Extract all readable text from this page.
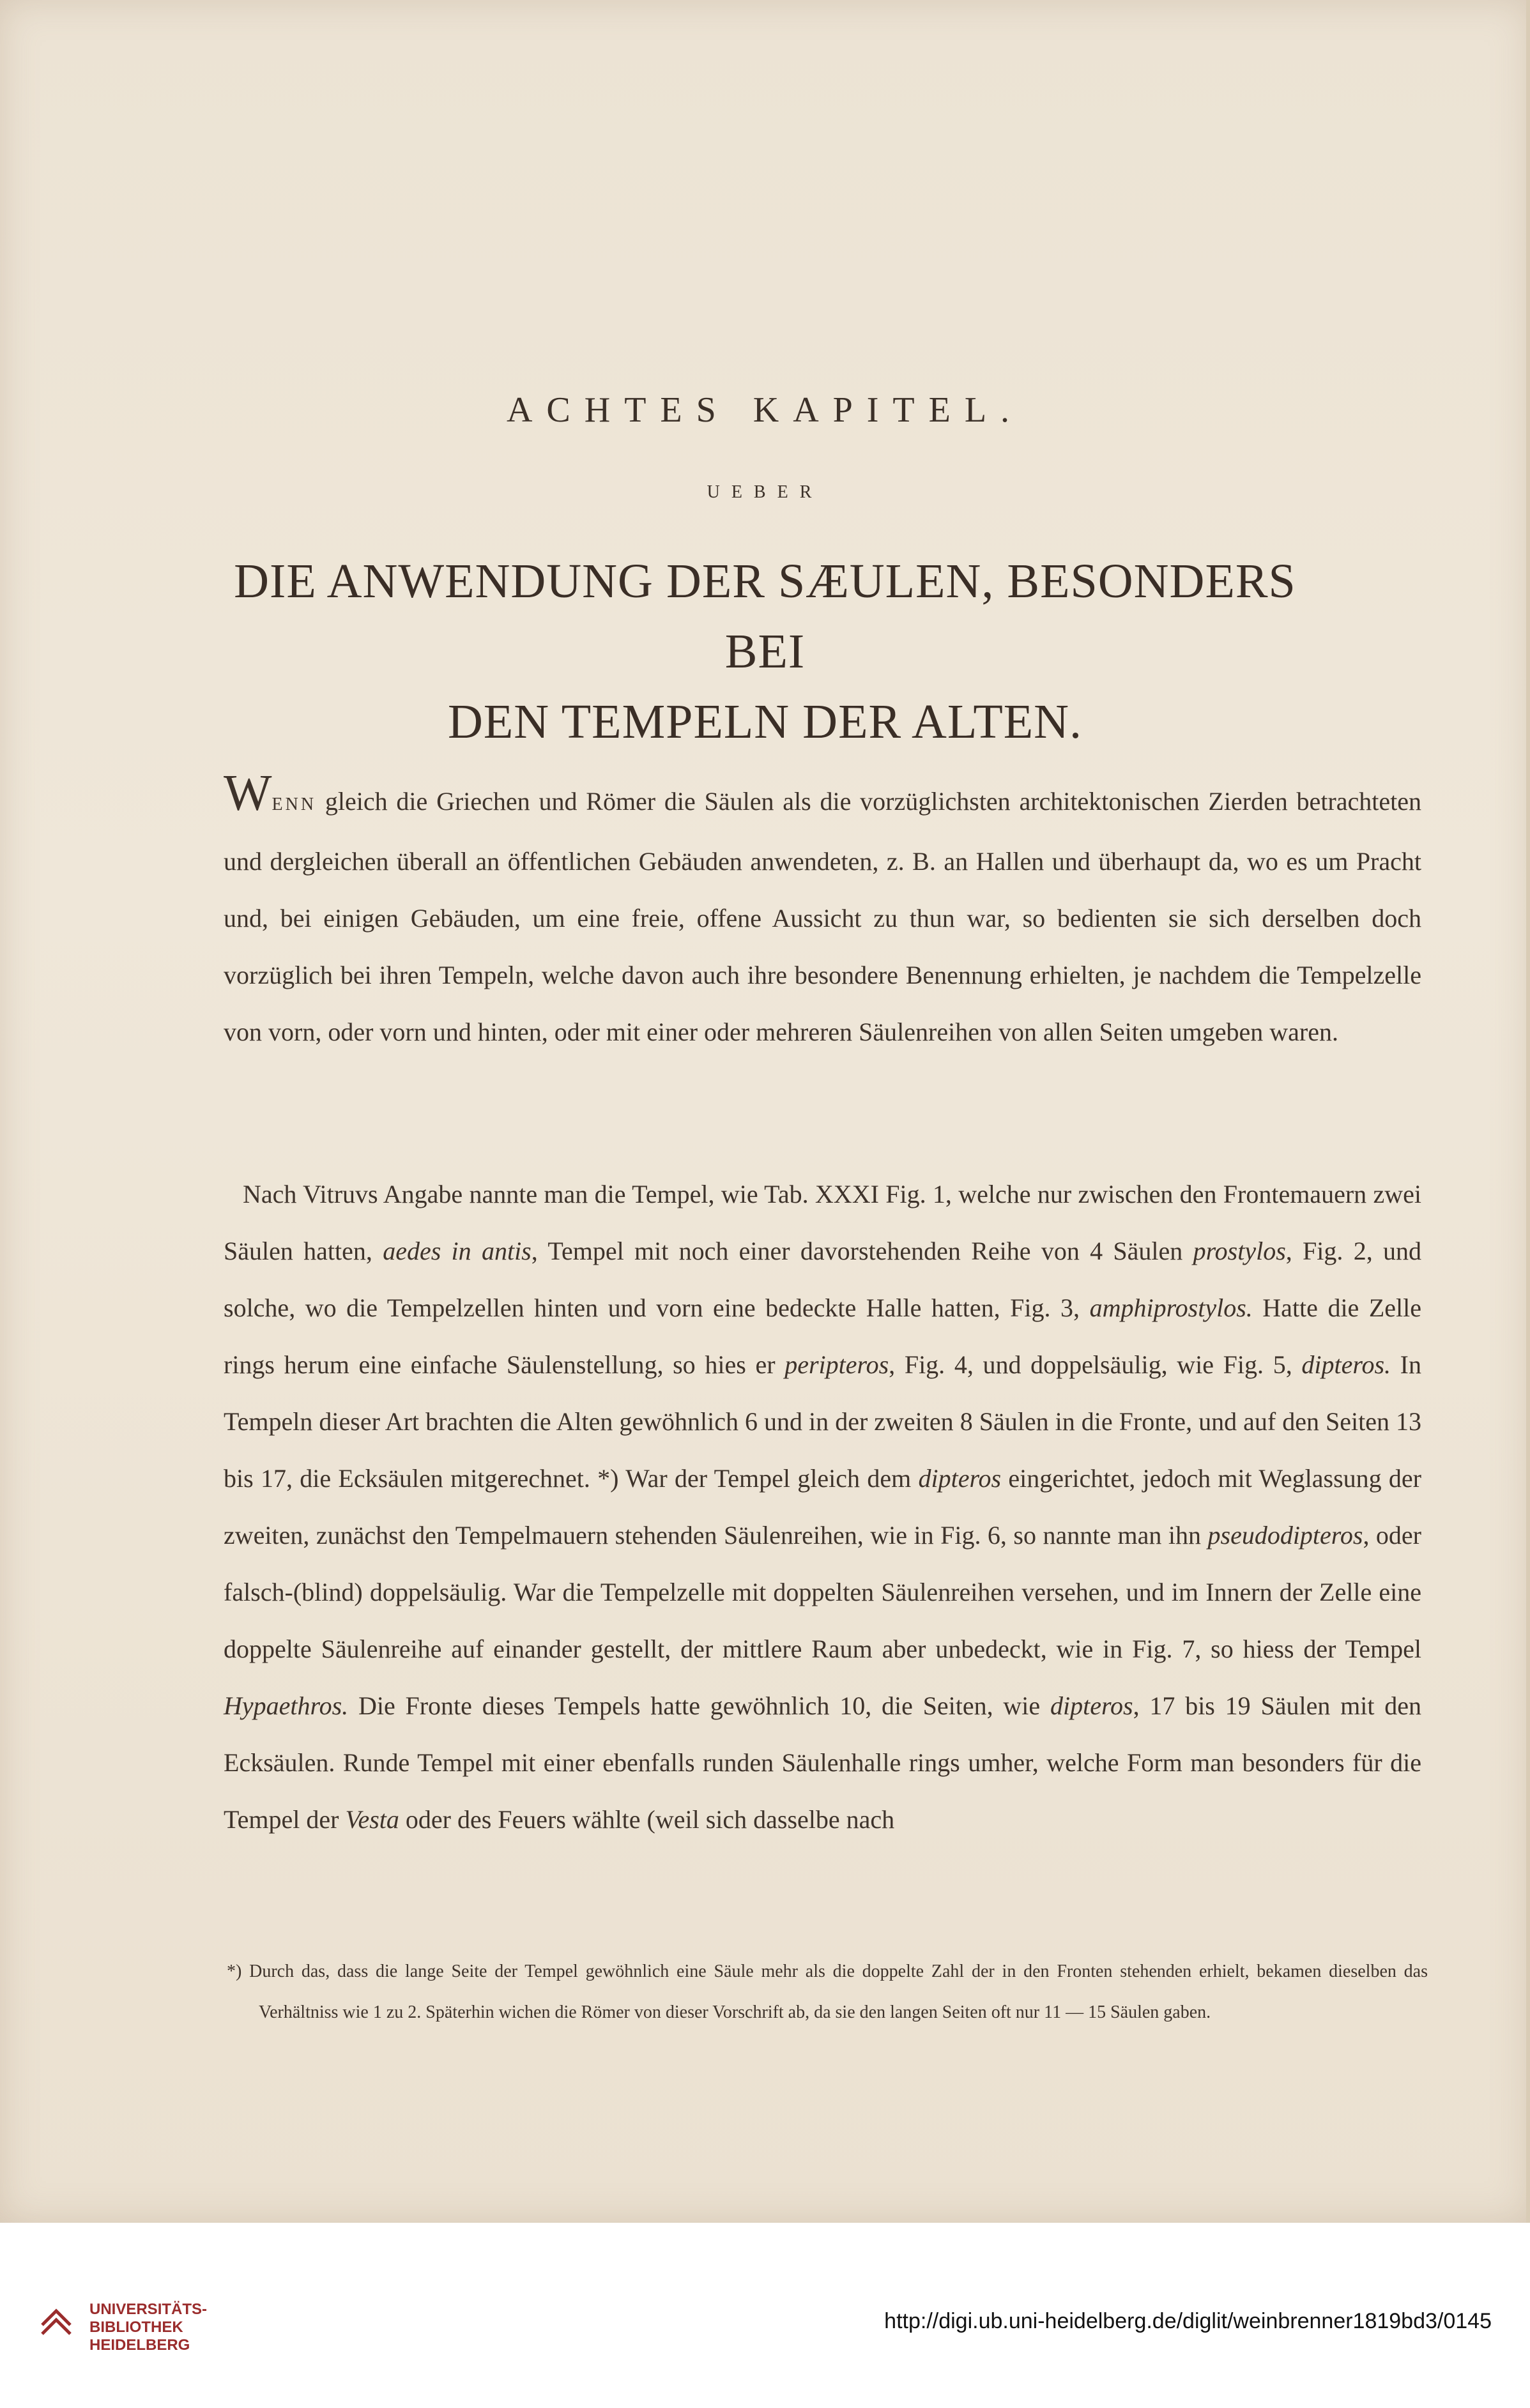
ACHTES KAPITEL.
UEBER
DIE ANWENDUNG DER SÆULEN, BESONDERS BEI
DEN TEMPELN DER ALTEN.

WENN gleich die Griechen und Römer die Säulen als die vorzüglichsten architektonischen Zierden betrachteten und dergleichen überall an öffentlichen Gebäuden anwendeten, z. B. an Hallen und überhaupt da, wo es um Pracht und, bei einigen Gebäuden, um eine freie, offene Aussicht zu thun war, so bedienten sie sich derselben doch vorzüglich bei ihren Tempeln, welche davon auch ihre besondere Benennung erhielten, je nachdem die Tempelzelle von vorn, oder vorn und hinten, oder mit einer oder mehreren Säulenreihen von allen Seiten umgeben waren.

Nach Vitruvs Angabe nannte man die Tempel, wie Tab. XXXI Fig. 1, welche nur zwischen den Frontemauern zwei Säulen hatten, aedes in antis, Tempel mit noch einer davorstehenden Reihe von 4 Säulen prostylos, Fig. 2, und solche, wo die Tempelzellen hinten und vorn eine bedeckte Halle hatten, Fig. 3, amphiprostylos. Hatte die Zelle rings herum eine einfache Säulenstellung, so hies er peripteros, Fig. 4, und doppelsäulig, wie Fig. 5, dipteros. In Tempeln dieser Art brachten die Alten gewöhnlich 6 und in der zweiten 8 Säulen in die Fronte, und auf den Seiten 13 bis 17, die Ecksäulen mitgerechnet. *) War der Tempel gleich dem dipteros eingerichtet, jedoch mit Weglassung der zweiten, zunächst den Tempelmauern stehenden Säulenreihen, wie in Fig. 6, so nannte man ihn pseudodipteros, oder falsch-(blind) doppelsäulig. War die Tempelzelle mit doppelten Säulenreihen versehen, und im Innern der Zelle eine doppelte Säulenreihe auf einander gestellt, der mittlere Raum aber unbedeckt, wie in Fig. 7, so hiess der Tempel Hypaethros. Die Fronte dieses Tempels hatte gewöhnlich 10, die Seiten, wie dipteros, 17 bis 19 Säulen mit den Ecksäulen. Runde Tempel mit einer ebenfalls runden Säulenhalle rings umher, welche Form man besonders für die Tempel der Vesta oder des Feuers wählte (weil sich dasselbe nach

*) Durch das, dass die lange Seite der Tempel gewöhnlich eine Säule mehr als die doppelte Zahl der in den Fronten stehenden erhielt, bekamen dieselben das Verhältniss wie 1 zu 2. Späterhin wichen die Römer von dieser Vorschrift ab, da sie den langen Seiten oft nur 11 — 15 Säulen gaben.

UNIVERSITÄTS-
BIBLIOTHEK
HEIDELBERG
http://digi.ub.uni-heidelberg.de/diglit/weinbrenner1819bd3/0145
